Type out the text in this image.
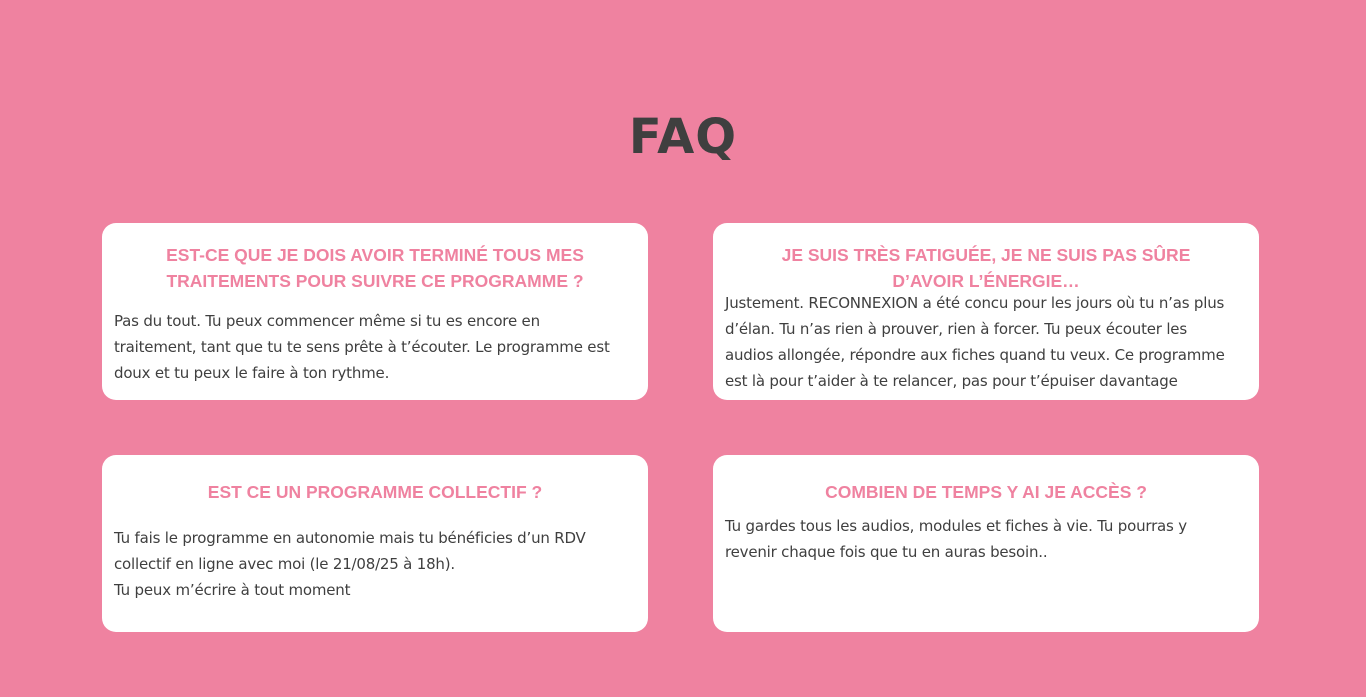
FAQ

EST-CE QUE JE DOIS AVOIR TERMINÉ TOUS MES
TRAITEMENTS POUR SUIVRE CE PROGRAMME ?

Pas du tout. Tu peux commencer même si tu es encore en
traitement, tant que tu te sens prête à t’écouter. Le programme est
doux et tu peux le faire à ton rythme.

JE SUIS TRÈS FATIGUÉE, JE NE SUIS PAS SÛRE
D’AVOIR L’ÉNERGIE…

Justement. RECONNEXION a été concu pour les jours où tu n’as plus
d’élan. Tu n’as rien à prouver, rien à forcer. Tu peux écouter les
audios allongée, répondre aux fiches quand tu veux. Ce programme
est là pour t’aider à te relancer, pas pour t’épuiser davantage

EST CE UN PROGRAMME COLLECTIF ?

Tu fais le programme en autonomie mais tu bénéficies d’un RDV
collectif en ligne avec moi (le 21/08/25 à 18h).
Tu peux m’écrire à tout moment

COMBIEN DE TEMPS Y AI JE ACCÈS ?

Tu gardes tous les audios, modules et fiches à vie. Tu pourras y
revenir chaque fois que tu en auras besoin..
